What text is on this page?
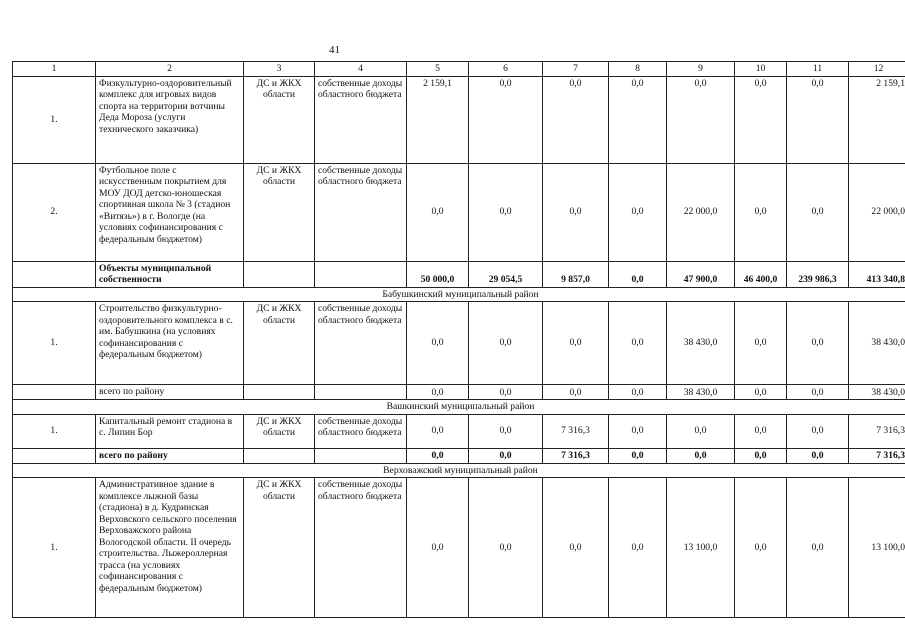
41
1	2	3	4	5	6	7	8	9	10	11	12
1.	Физкультурно-оздоровительный комплекс для игровых видов спорта на территории вотчины Деда Мороза (услуги технического заказчика)	ДС и ЖКХ области	собственные доходы областного бюджета	2 159,1	0,0	0,0	0,0	0,0	0,0	0,0	2 159,1
2.	Футбольное поле с искусственным покрытием для МОУ ДОД детско-юношеская спортивная школа № 3 (стадион «Витязь») в г. Вологде (на условиях софинансирования с федеральным бюджетом)	ДС и ЖКХ области	собственные доходы областного бюджета	0,0	0,0	0,0	0,0	22 000,0	0,0	0,0	22 000,0
	Объекты муниципальной собственности			50 000,0	29 054,5	9 857,0	0,0	47 900,0	46 400,0	239 986,3	413 340,8
Бабушкинский муниципальный район											
1.	Строительство физкультурно-оздоровительного комплекса в с. им. Бабушкина (на условиях софинансирования с федеральным бюджетом)	ДС и ЖКХ области	собственные доходы областного бюджета	0,0	0,0	0,0	0,0	38 430,0	0,0	0,0	38 430,0
	всего по району			0,0	0,0	0,0	0,0	38 430,0	0,0	0,0	38 430,0
Вашкинский муниципальный район											
1.	Капитальный ремонт стадиона в с. Липин Бор	ДС и ЖКХ области	собственные доходы областного бюджета	0,0	0,0	7 316,3	0,0	0,0	0,0	0,0	7 316,3
	всего по району			0,0	0,0	7 316,3	0,0	0,0	0,0	0,0	7 316,3
Верховажский муниципальный район											
1.	Административное здание в комплексе лыжной базы (стадиона) в д. Кудринская Верховского сельского поселения Верховажского района Вологодской области. II очередь строительства. Лыжероллерная трасса (на условиях софинансирования с федеральным бюджетом)	ДС и ЖКХ области	собственные доходы областного бюджета	0,0	0,0	0,0	0,0	13 100,0	0,0	0,0	13 100,0
